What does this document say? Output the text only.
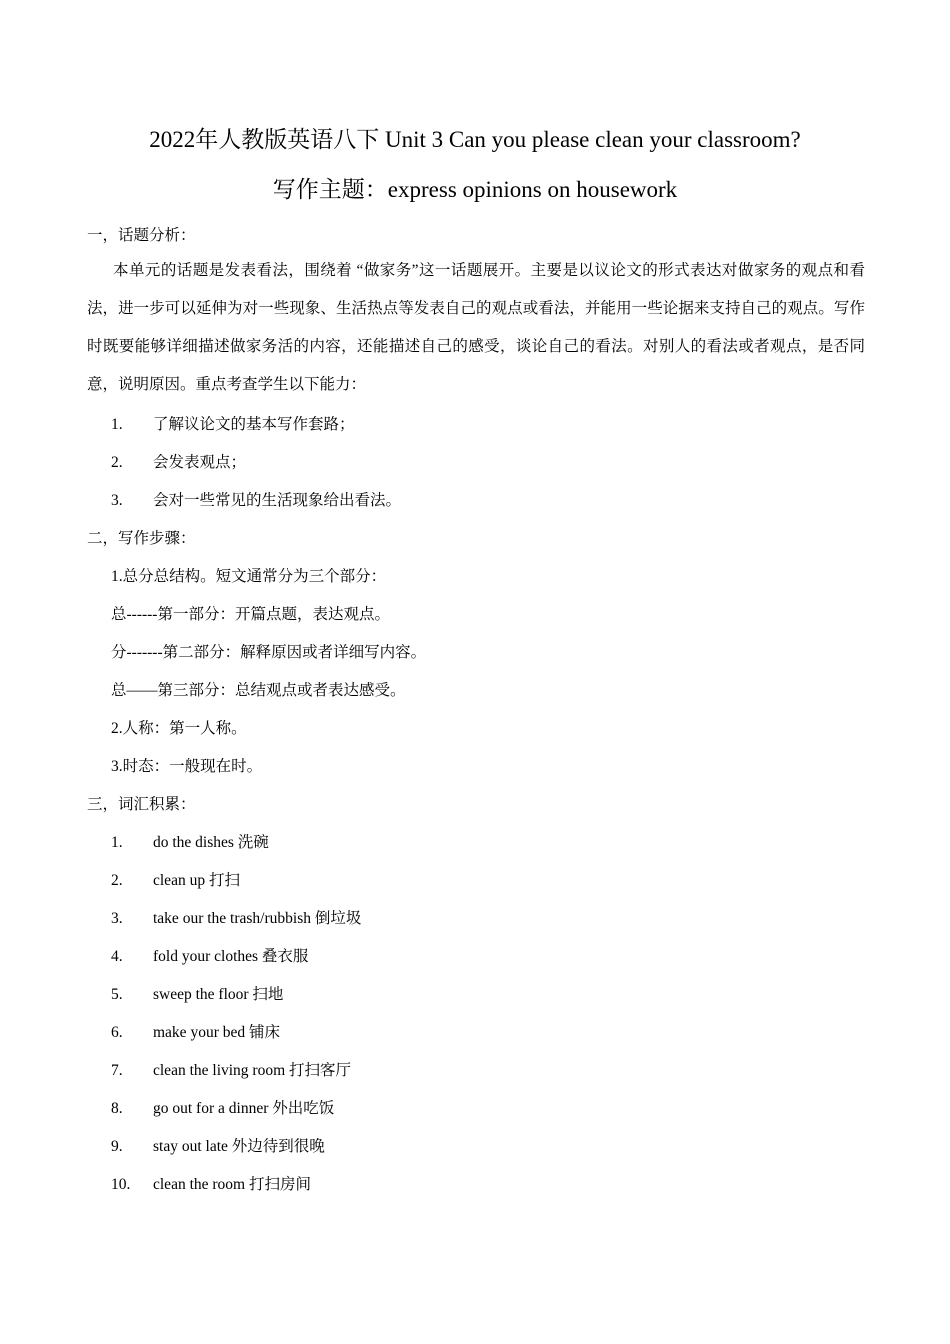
2022年人教版英语八下 Unit 3 Can you please clean your classroom?
写作主题：express opinions on housework
一，话题分析：
本单元的话题是发表看法，围绕着 “做家务”这一话题展开。主要是以议论文的形式表达对做家务的观点和看法，进一步可以延伸为对一些现象、生活热点等发表自己的观点或看法，并能用一些论据来支持自己的观点。写作时既要能够详细描述做家务活的内容，还能描述自己的感受，谈论自己的看法。对别人的看法或者观点，是否同意，说明原因。重点考查学生以下能力：
1. 了解议论文的基本写作套路；
2. 会发表观点；
3. 会对一些常见的生活现象给出看法。
二，写作步骤：
1.总分总结构。短文通常分为三个部分：
总------第一部分：开篇点题，表达观点。
分-------第二部分：解释原因或者详细写内容。
总——第三部分：总结观点或者表达感受。
2.人称：第一人称。
3.时态：一般现在时。
三，词汇积累：
1. do the dishes 洗碗
2. clean up 打扫
3. take our the trash/rubbish 倒垃圾
4. fold your clothes 叠衣服
5. sweep the floor 扫地
6. make your bed 铺床
7. clean the living room 打扫客厅
8. go out for a dinner 外出吃饭
9. stay out late 外边待到很晚
10. clean the room 打扫房间
